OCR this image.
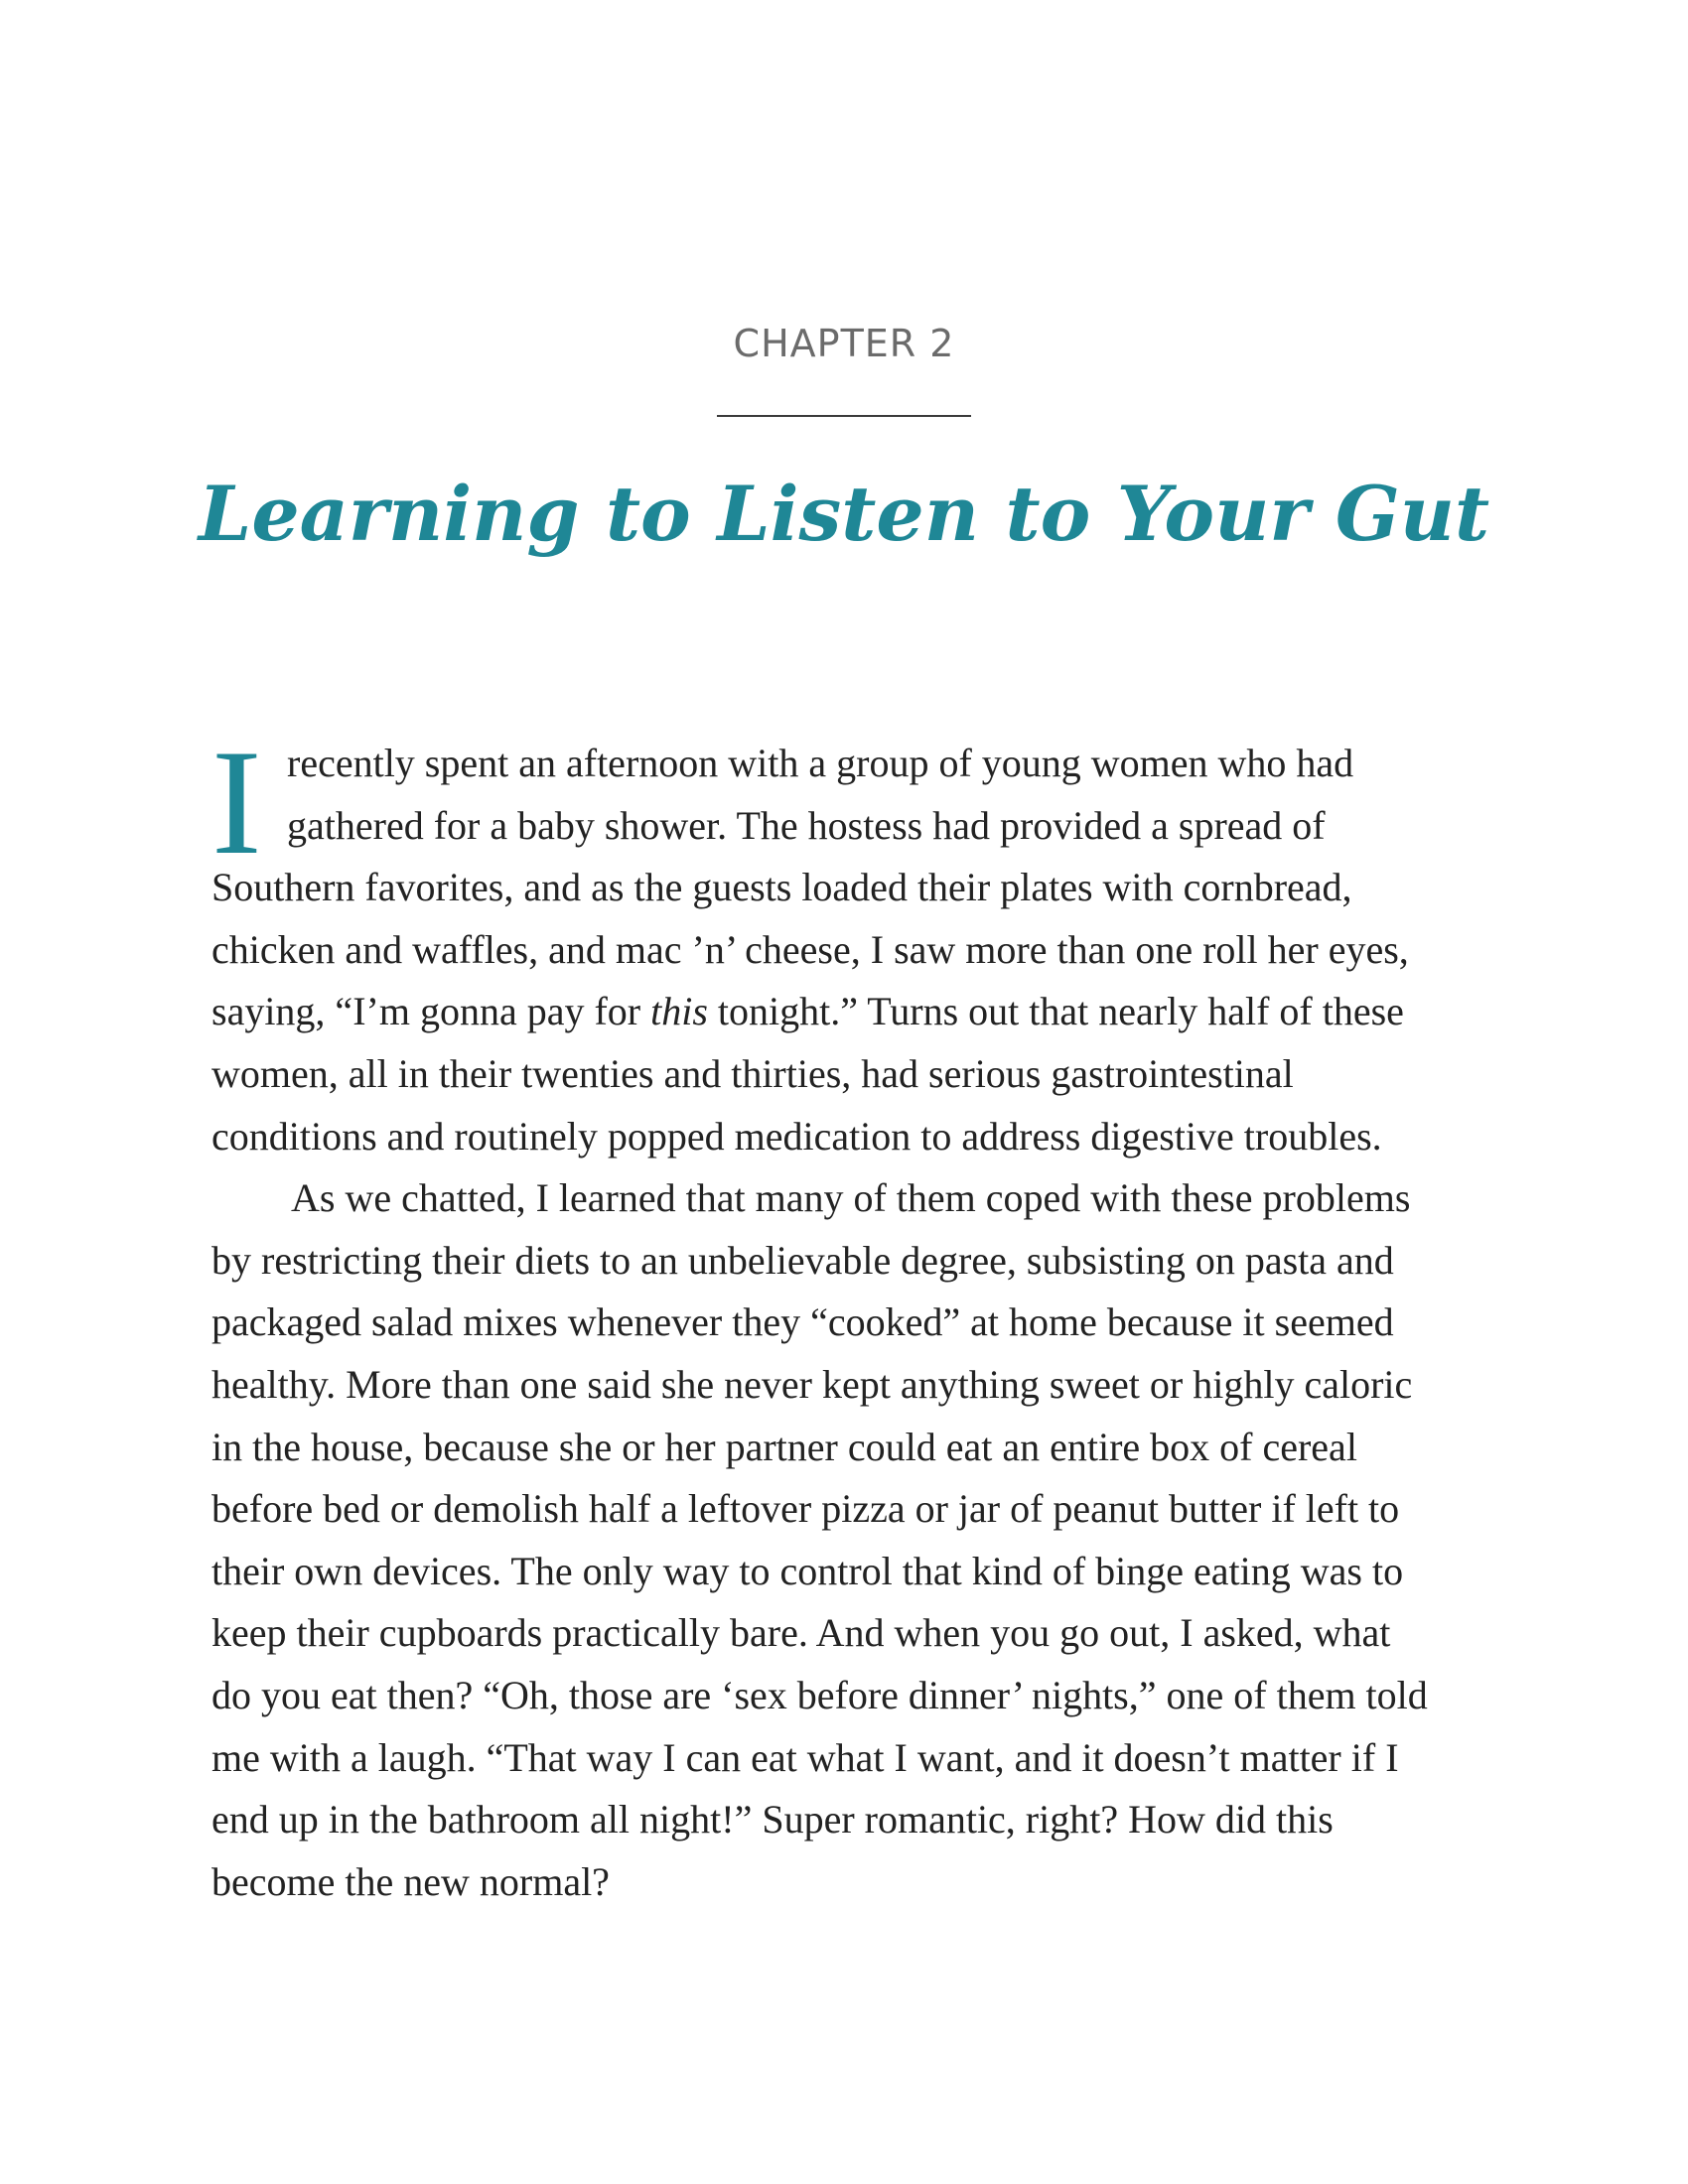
CHAPTER 2
Learning to Listen to Your Gut
I recently spent an afternoon with a group of young women who had
gathered for a baby shower. The hostess had provided a spread of
Southern favorites, and as the guests loaded their plates with cornbread,
chicken and waffles, and mac ’n’ cheese, I saw more than one roll her eyes,
saying, “I’m gonna pay for this tonight.” Turns out that nearly half of these
women, all in their twenties and thirties, had serious gastrointestinal
conditions and routinely popped medication to address digestive troubles.
As we chatted, I learned that many of them coped with these problems
by restricting their diets to an unbelievable degree, subsisting on pasta and
packaged salad mixes whenever they “cooked” at home because it seemed
healthy. More than one said she never kept anything sweet or highly caloric
in the house, because she or her partner could eat an entire box of cereal
before bed or demolish half a leftover pizza or jar of peanut butter if left to
their own devices. The only way to control that kind of binge eating was to
keep their cupboards practically bare. And when you go out, I asked, what
do you eat then? “Oh, those are ‘sex before dinner’ nights,” one of them told
me with a laugh. “That way I can eat what I want, and it doesn’t matter if I
end up in the bathroom all night!” Super romantic, right? How did this
become the new normal?
